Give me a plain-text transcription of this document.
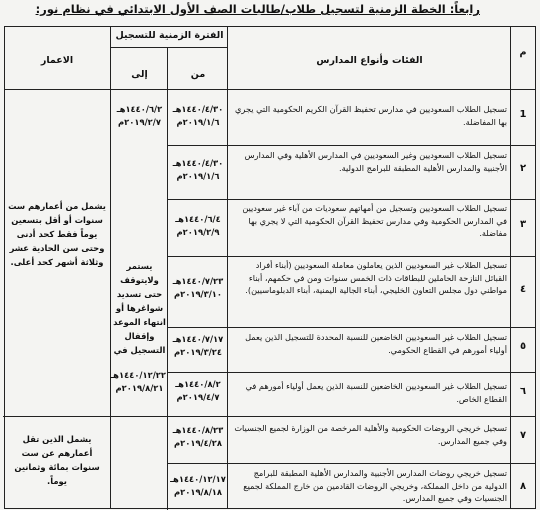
رابعاً: الخطة الزمنية لتسجيل طلاب/طالبات الصف الأول الابتدائي في نظام نور:
م
الفئات وأنواع المدارس
الفترة الزمنية للتسجيل
من
إلى
الاعمار
1
تسجيل الطلاب السعوديين في مدارس تحفيظ القرآن الكريم الحكومية التي يجري بها المفاضلة.
١٤٤٠/٤/٣٠هـ ٢٠١٩/١/٦م
٢
تسجيل الطلاب السعوديين وغير السعوديين في المدارس الأهلية وفي المدارس الأجنبية والمدارس الأهلية المطبقة للبرامج الدولية.
١٤٤٠/٤/٣٠هـ ٢٠١٩/١/٦م
٣
تسجيل الطلاب السعوديين وتسجيل من أمهاتهم سعوديات من آباء غير سعوديين في المدارس الحكومية وفي مدارس تحفيظ القرآن الحكومية التي لا يجري بها مفاضلة.
١٤٤٠/٦/٤هـ ٢٠١٩/٢/٩م
٤
تسجيل الطلاب غير السعوديين الذين يعاملون معاملة السعوديين (أبناء أفراد القبائل النازحة الحاملين للبطاقات ذات الخمس سنوات ومن في حكمهم، أبناء مواطني دول مجلس التعاون الخليجي، أبناء الجالية اليمنية، أبناء الدبلوماسيين).
١٤٤٠/٧/٢٣هـ ٢٠١٩/٣/١٠م
٥
تسجيل الطلاب غير السعوديين الخاضعين للنسبة المحددة للتسجيل الذين يعمل أولياء أمورهم في القطاع الحكومي.
١٤٤٠/٧/١٧هـ ٢٠١٩/٣/٢٤م
٦
تسجيل الطلاب غير السعوديين الخاضعين للنسبة الذين يعمل أولياء أمورهم في القطاع الخاص.
١٤٤٠/٨/٢هـ ٢٠١٩/٤/٧م
٧
تسجيل خريجي الروضات الحكومية والأهلية المرخصة من الوزارة لجميع الجنسيات وفي جميع المدارس.
١٤٤٠/٨/٢٣هـ ٢٠١٩/٤/٢٨م
٨
تسجيل خريجي روضات المدارس الأجنبية والمدارس الأهلية المطبقة للبرامج الدولية من داخل المملكة، وخريجي الروضات القادمين من خارج المملكة لجميع الجنسيات وفي جميع المدارس.
١٤٤٠/١٢/١٧هـ ٢٠١٩/٨/١٨م
١٤٤٠/٦/٢هـ ٢٠١٩/٢/٧م
يستمر ولايتوقف حتى تسديد شواغرها أو انتهاء الموعد وإقفال التسجيل في
١٤٤٠/١٢/٢٢هـ ٢٠١٩/٨/٢١م
يشمل من أعمارهم ست سنوات أو أقل بتسعين يوماً فقط كحد أدنى وحتى سن الحادية عشر وثلاثة أشهر كحد أعلى.
يشمل الذين تقل أعمارهم عن ست سنوات بمائة وثمانين يوماً.
